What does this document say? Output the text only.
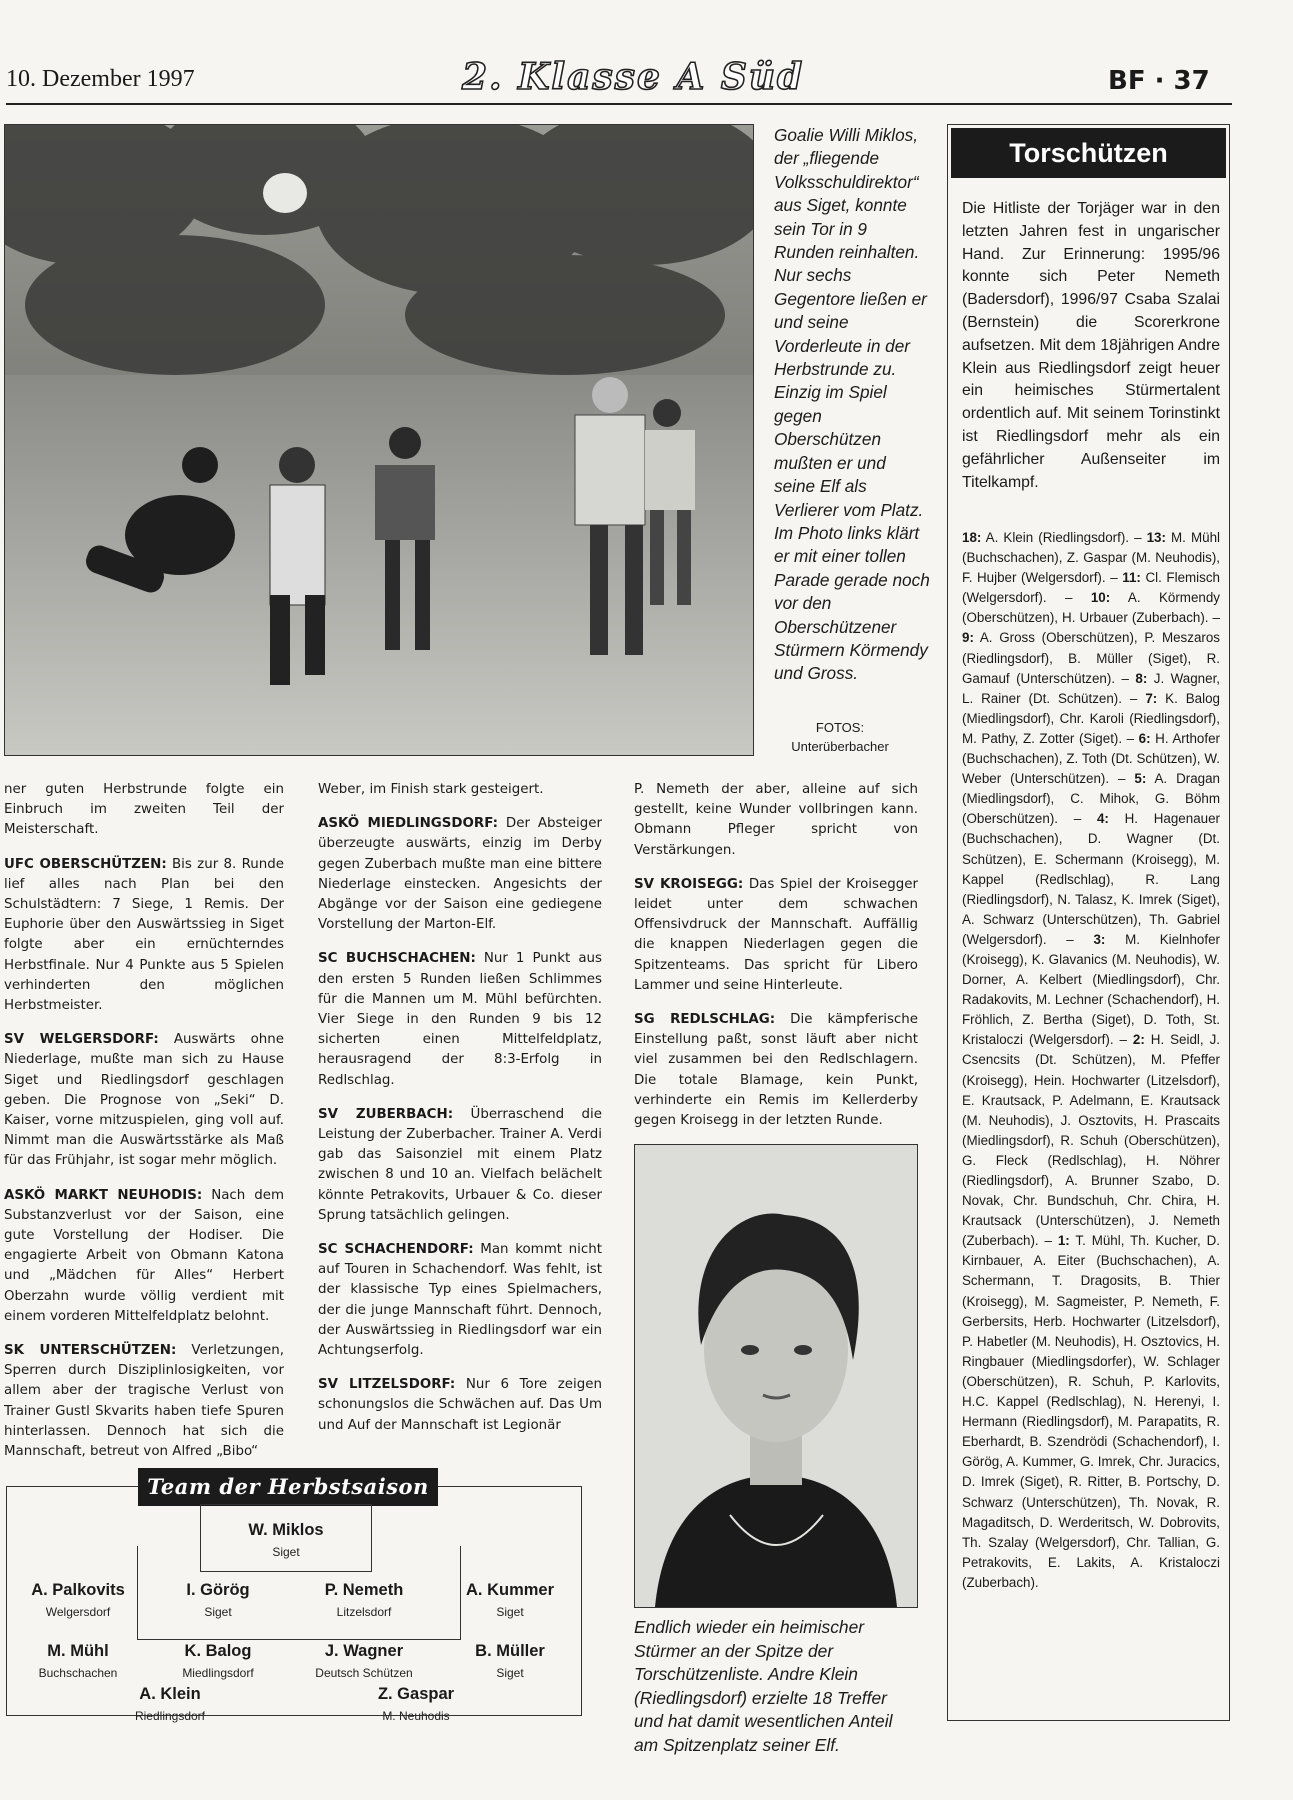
10. Dezember 1997	2. Klasse A Süd	BF · 37
Goalie Willi Miklos, der „fliegende Volksschuldirektor“ aus Siget, konnte sein Tor in 9 Runden reinhalten. Nur sechs Gegentore ließen er und seine Vorderleute in der Herbstrunde zu. Einzig im Spiel gegen Oberschützen mußten er und seine Elf als Verlierer vom Platz. Im Photo links klärt er mit einer tollen Parade gerade noch vor den Oberschützener Stürmern Körmendy und Gross.
FOTOS:
Unterüberbacher

ner guten Herbstrunde folgte ein Einbruch im zweiten Teil der Meisterschaft.

UFC OBERSCHÜTZEN: Bis zur 8. Runde lief alles nach Plan bei den Schulstädtern: 7 Siege, 1 Remis. Der Euphorie über den Auswärtssieg in Siget folgte aber ein ernüchterndes Herbstfinale. Nur 4 Punkte aus 5 Spielen verhinderten den möglichen Herbstmeister.

SV WELGERSDORF: Auswärts ohne Niederlage, mußte man sich zu Hause Siget und Riedlingsdorf geschlagen geben. Die Prognose von „Seki“ D. Kaiser, vorne mitzuspielen, ging voll auf. Nimmt man die Auswärtsstärke als Maß für das Frühjahr, ist sogar mehr möglich.

ASKÖ MARKT NEUHODIS: Nach dem Substanzverlust vor der Saison, eine gute Vorstellung der Hodiser. Die engagierte Arbeit von Obmann Katona und „Mädchen für Alles“ Herbert Oberzahn wurde völlig verdient mit einem vorderen Mittelfeldplatz belohnt.

SK UNTERSCHÜTZEN: Verletzungen, Sperren durch Disziplinlosigkeiten, vor allem aber der tragische Verlust von Trainer Gustl Skvarits haben tiefe Spuren hinterlassen. Dennoch hat sich die Mannschaft, betreut von Alfred „Bibo“

Weber, im Finish stark gesteigert.

ASKÖ MIEDLINGSDORF: Der Absteiger überzeugte auswärts, einzig im Derby gegen Zuberbach mußte man eine bittere Niederlage einstecken. Angesichts der Abgänge vor der Saison eine gediegene Vorstellung der Marton-Elf.

SC BUCHSCHACHEN: Nur 1 Punkt aus den ersten 5 Runden ließen Schlimmes für die Mannen um M. Mühl befürchten. Vier Siege in den Runden 9 bis 12 sicherten einen Mittelfeldplatz, herausragend der 8:3-Erfolg in Redlschlag.

SV ZUBERBACH: Überraschend die Leistung der Zuberbacher. Trainer A. Verdi gab das Saisonziel mit einem Platz zwischen 8 und 10 an. Vielfach belächelt könnte Petrakovits, Urbauer & Co. dieser Sprung tatsächlich gelingen.

SC SCHACHENDORF: Man kommt nicht auf Touren in Schachendorf. Was fehlt, ist der klassische Typ eines Spielmachers, der die junge Mannschaft führt. Dennoch, der Auswärtssieg in Riedlingsdorf war ein Achtungserfolg.

SV LITZELSDORF: Nur 6 Tore zeigen schonungslos die Schwächen auf. Das Um und Auf der Mannschaft ist Legionär

P. Nemeth der aber, alleine auf sich gestellt, keine Wunder vollbringen kann. Obmann Pfleger spricht von Verstärkungen.

SV KROISEGG: Das Spiel der Kroisegger leidet unter dem schwachen Offensivdruck der Mannschaft. Auffällig die knappen Niederlagen gegen die Spitzenteams. Das spricht für Libero Lammer und seine Hinterleute.

SG REDLSCHLAG: Die kämpferische Einstellung paßt, sonst läuft aber nicht viel zusammen bei den Redlschlagern. Die totale Blamage, kein Punkt, verhinderte ein Remis im Kellerderby gegen Kroisegg in der letzten Runde.

Endlich wieder ein heimischer Stürmer an der Spitze der Torschützenliste. Andre Klein (Riedlingsdorf) erzielte 18 Treffer und hat damit wesentlichen Anteil am Spitzenplatz seiner Elf.
Torschützen
Die Hitliste der Torjäger war in den letzten Jahren fest in ungarischer Hand. Zur Erinnerung: 1995/96 konnte sich Peter Nemeth (Badersdorf), 1996/97 Csaba Szalai (Bernstein) die Scorerkrone aufsetzen. Mit dem 18jährigen Andre Klein aus Riedlingsdorf zeigt heuer ein heimisches Stürmertalent ordentlich auf. Mit seinem Torinstinkt ist Riedlingsdorf mehr als ein gefährlicher Außenseiter im Titelkampf.
18: A. Klein (Riedlingsdorf). – 13: M. Mühl (Buchschachen), Z. Gaspar (M. Neuhodis), F. Hujber (Welgersdorf). – 11: Cl. Flemisch (Welgersdorf). – 10: A. Körmendy (Oberschützen), H. Urbauer (Zuberbach). – 9: A. Gross (Oberschützen), P. Meszaros (Riedlingsdorf), B. Müller (Siget), R. Gamauf (Unterschützen). – 8: J. Wagner, L. Rainer (Dt. Schützen). – 7: K. Balog (Miedlingsdorf), Chr. Karoli (Riedlingsdorf), M. Pathy, Z. Zotter (Siget). – 6: H. Arthofer (Buchschachen), Z. Toth (Dt. Schützen), W. Weber (Unterschützen). – 5: A. Dragan (Miedlingsdorf), C. Mihok, G. Böhm (Oberschützen). – 4: H. Hagenauer (Buchschachen), D. Wagner (Dt. Schützen), E. Schermann (Kroisegg), M. Kappel (Redlschlag), R. Lang (Riedlingsdorf), N. Talasz, K. Imrek (Siget), A. Schwarz (Unterschützen), Th. Gabriel (Welgersdorf). – 3: M. Kielnhofer (Kroisegg), K. Glavanics (M. Neuhodis), W. Dorner, A. Kelbert (Miedlingsdorf), Chr. Radakovits, M. Lechner (Schachendorf), H. Fröhlich, Z. Bertha (Siget), D. Toth, St. Kristaloczi (Welgersdorf). – 2: H. Seidl, J. Csencsits (Dt. Schützen), M. Pfeffer (Kroisegg), Hein. Hochwarter (Litzelsdorf), E. Krautsack, P. Adelmann, E. Krautsack (M. Neuhodis), J. Osztovits, H. Prascaits (Miedlingsdorf), R. Schuh (Oberschützen), G. Fleck (Redlschlag), H. Nöhrer (Riedlingsdorf), A. Brunner Szabo, D. Novak, Chr. Bundschuh, Chr. Chira, H. Krautsack (Unterschützen), J. Nemeth (Zuberbach). – 1: T. Mühl, Th. Kucher, D. Kirnbauer, A. Eiter (Buchschachen), A. Schermann, T. Dragosits, B. Thier (Kroisegg), M. Sagmeister, P. Nemeth, F. Gerbersits, Herb. Hochwarter (Litzelsdorf), P. Habetler (M. Neuhodis), H. Osztovics, H. Ringbauer (Miedlingsdorfer), W. Schlager (Oberschützen), R. Schuh, P. Karlovits, H.C. Kappel (Redlschlag), N. Herenyi, I. Hermann (Riedlingsdorf), M. Parapatits, R. Eberhardt, B. Szendrödi (Schachendorf), I. Görög, A. Kummer, G. Imrek, Chr. Juracics, D. Imrek (Siget), R. Ritter, B. Portschy, D. Schwarz (Unterschützen), Th. Novak, R. Magaditsch, D. Werderitsch, W. Dobrovits, Th. Szalay (Welgersdorf), Chr. Tallian, G. Petrakovits, E. Lakits, A. Kristaloczi (Zuberbach).
Team der Herbstsaison
W. Miklos
Siget
A. Palkovits
Welgersdorf
I. Görög
Siget
P. Nemeth
Litzelsdorf
A. Kummer
Siget
M. Mühl
Buchschachen
K. Balog
Miedlingsdorf
J. Wagner
Deutsch Schützen
B. Müller
Siget
A. Klein
Riedlingsdorf
Z. Gaspar
M. Neuhodis
